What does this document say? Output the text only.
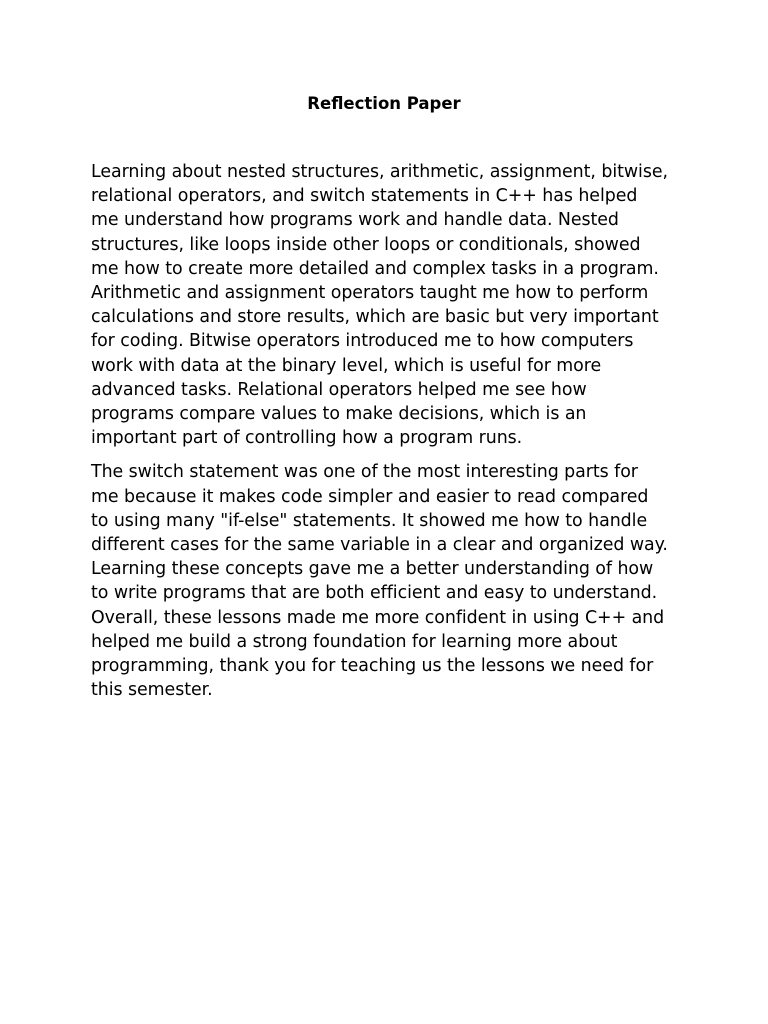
Reflection Paper

Learning about nested structures, arithmetic, assignment, bitwise,
relational operators, and switch statements in C++ has helped
me understand how programs work and handle data. Nested
structures, like loops inside other loops or conditionals, showed
me how to create more detailed and complex tasks in a program.
Arithmetic and assignment operators taught me how to perform
calculations and store results, which are basic but very important
for coding. Bitwise operators introduced me to how computers
work with data at the binary level, which is useful for more
advanced tasks. Relational operators helped me see how
programs compare values to make decisions, which is an
important part of controlling how a program runs.

The switch statement was one of the most interesting parts for
me because it makes code simpler and easier to read compared
to using many "if-else" statements. It showed me how to handle
different cases for the same variable in a clear and organized way.
Learning these concepts gave me a better understanding of how
to write programs that are both efficient and easy to understand.
Overall, these lessons made me more confident in using C++ and
helped me build a strong foundation for learning more about
programming, thank you for teaching us the lessons we need for
this semester.
